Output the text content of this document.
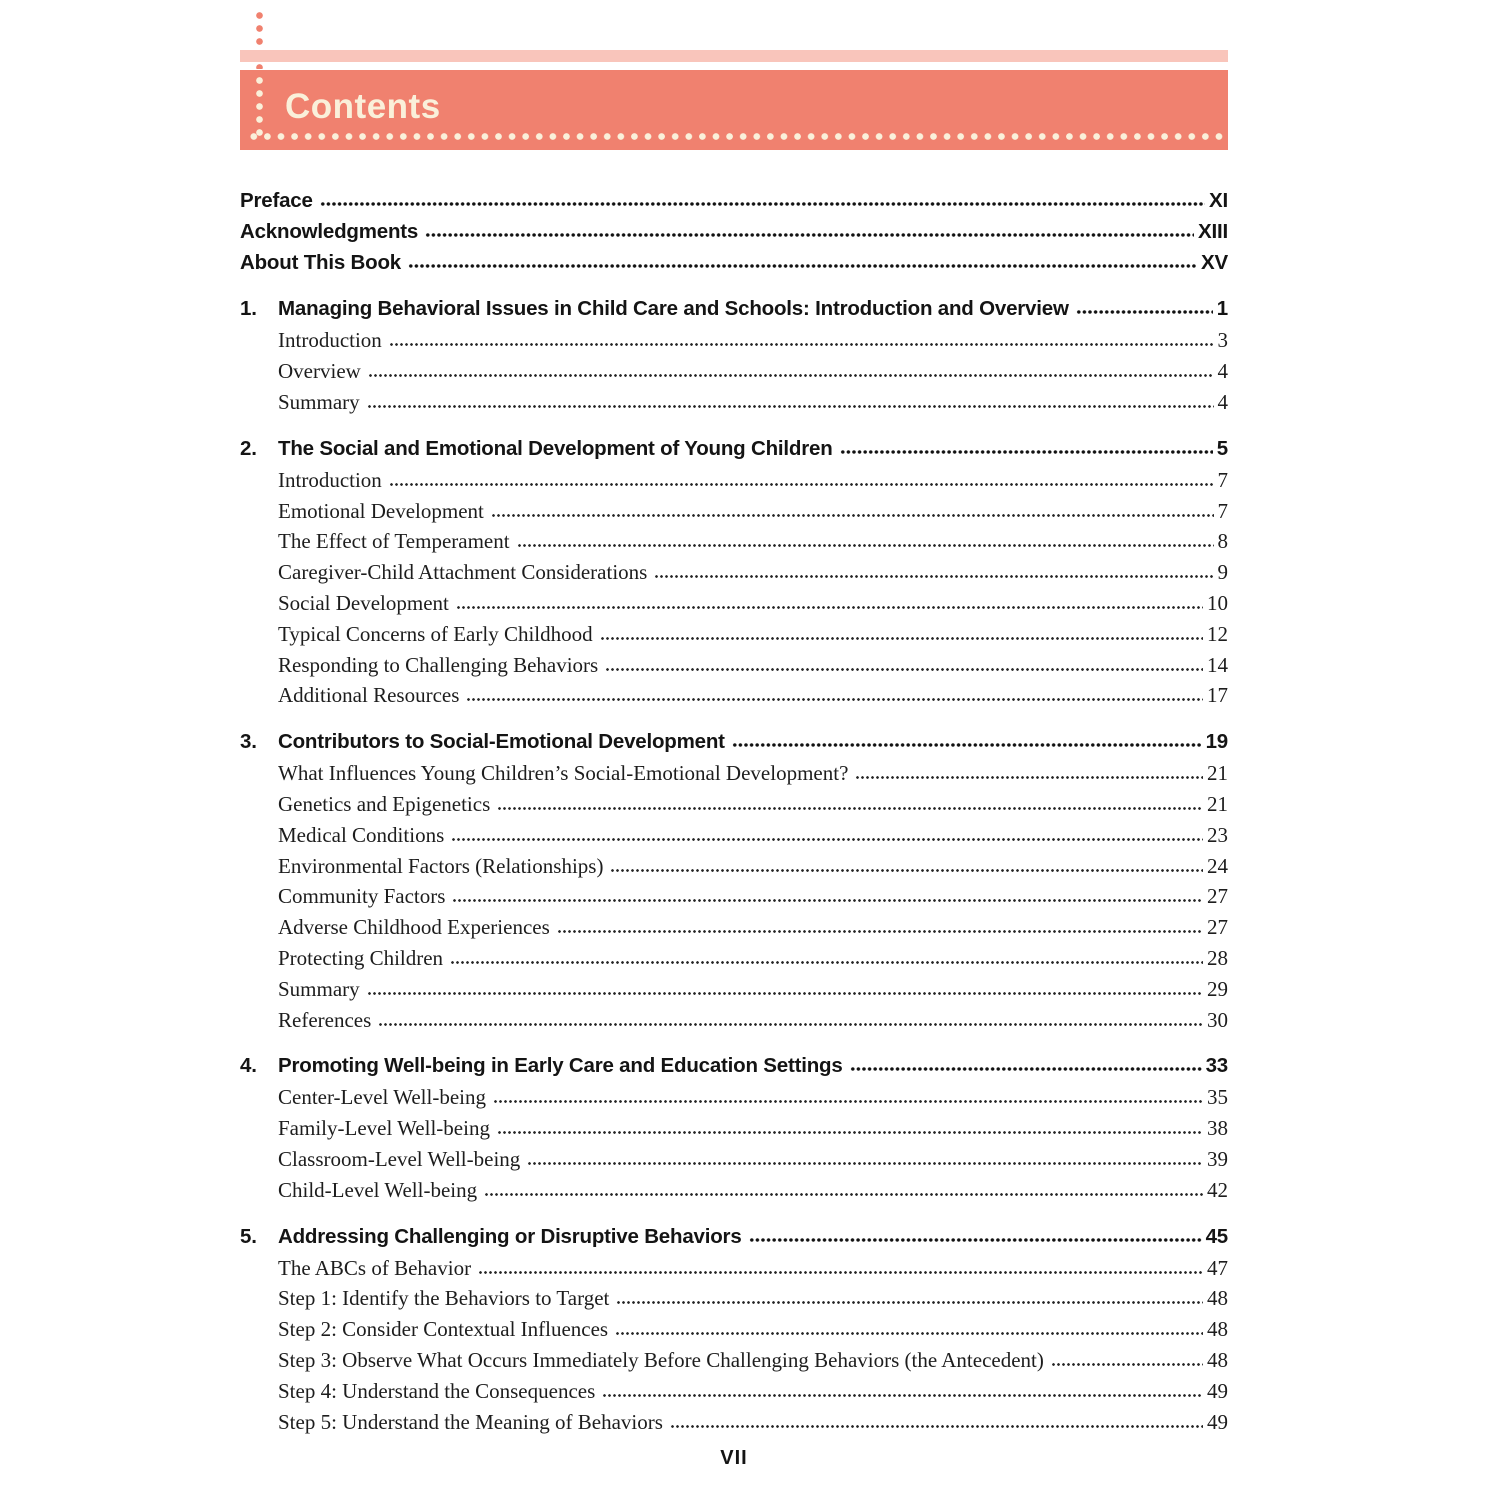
Contents
Preface	XI
Acknowledgments	XIII
About This Book	XV
1.	Managing Behavioral Issues in Child Care and Schools: Introduction and Overview	1
Introduction	3
Overview	4
Summary	4
2.	The Social and Emotional Development of Young Children	5
Introduction	7
Emotional Development	7
The Effect of Temperament	8
Caregiver-Child Attachment Considerations	9
Social Development	10
Typical Concerns of Early Childhood	12
Responding to Challenging Behaviors	14
Additional Resources	17
3.	Contributors to Social-Emotional Development	19
What Influences Young Children’s Social-Emotional Development?	21
Genetics and Epigenetics	21
Medical Conditions	23
Environmental Factors (Relationships)	24
Community Factors	27
Adverse Childhood Experiences	27
Protecting Children	28
Summary	29
References	30
4.	Promoting Well-being in Early Care and Education Settings	33
Center-Level Well-being	35
Family-Level Well-being	38
Classroom-Level Well-being	39
Child-Level Well-being	42
5.	Addressing Challenging or Disruptive Behaviors	45
The ABCs of Behavior	47
Step 1: Identify the Behaviors to Target	48
Step 2: Consider Contextual Influences	48
Step 3: Observe What Occurs Immediately Before Challenging Behaviors (the Antecedent)	48
Step 4: Understand the Consequences	49
Step 5: Understand the Meaning of Behaviors	49
VII
